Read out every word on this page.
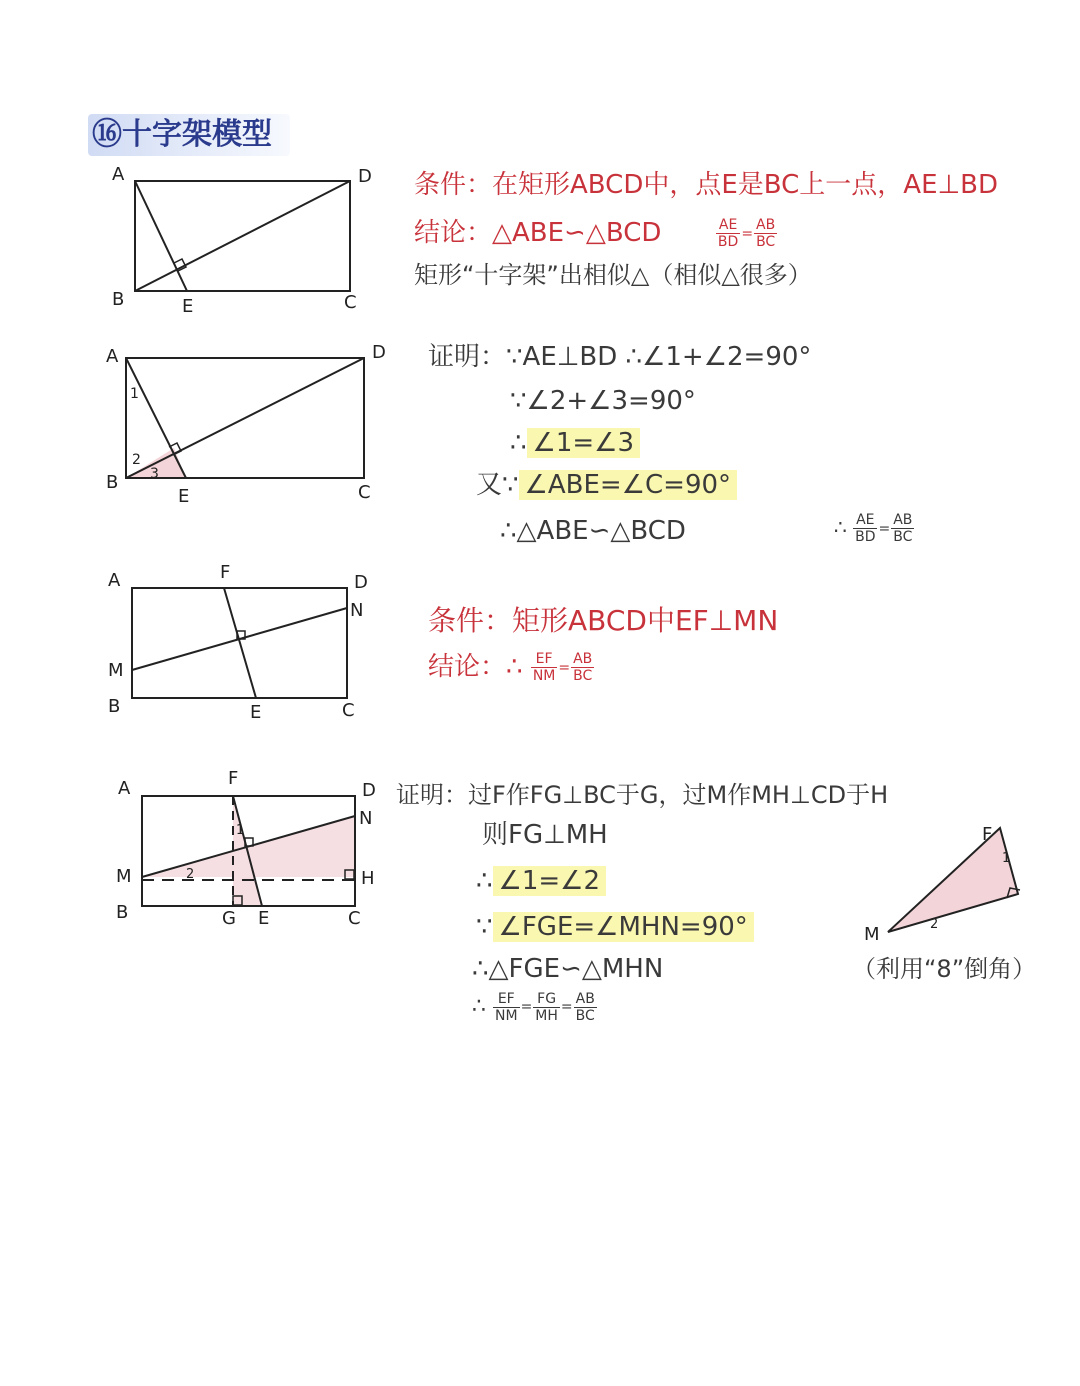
⑯十字架模型
A	D
B	E	C
条件：在矩形ABCD中，点E是BC上一点，AE⊥BD
结论：△ABE∽△BCD	$\frac{AE}{BD} = \frac{AB}{BC}$
矩形“十字架”出相似△（相似△很多）
A	D
B
E	C
1
2
3
证明：∵AE⊥BD ∴∠1+∠2=90°
∵∠2+∠3=90°
∴ ∠1=∠3
又∵ ∠ABE=∠C=90°
∴△ABE∽△BCD	∴ $\frac{AE}{BD} = \frac{AB}{BC}$
A	F	D
N
M
B	E	C
条件：矩形ABCD中EF⊥MN
结论：∴ $\frac{EF}{NM} = \frac{AB}{BC}$
A	F
D
N
M	H
B	G E	C
1
2
证明：过F作FG⊥BC于G，过M作MH⊥CD于H
则FG⊥MH
∴ ∠1=∠2
∵ ∠FGE=∠MHN=90°
∴△FGE∽△MHN
∴ $\frac{EF}{NM} = \frac{FG}{MH} = \frac{AB}{BC}$
F
M
1
2
（利用“8”倒角）
